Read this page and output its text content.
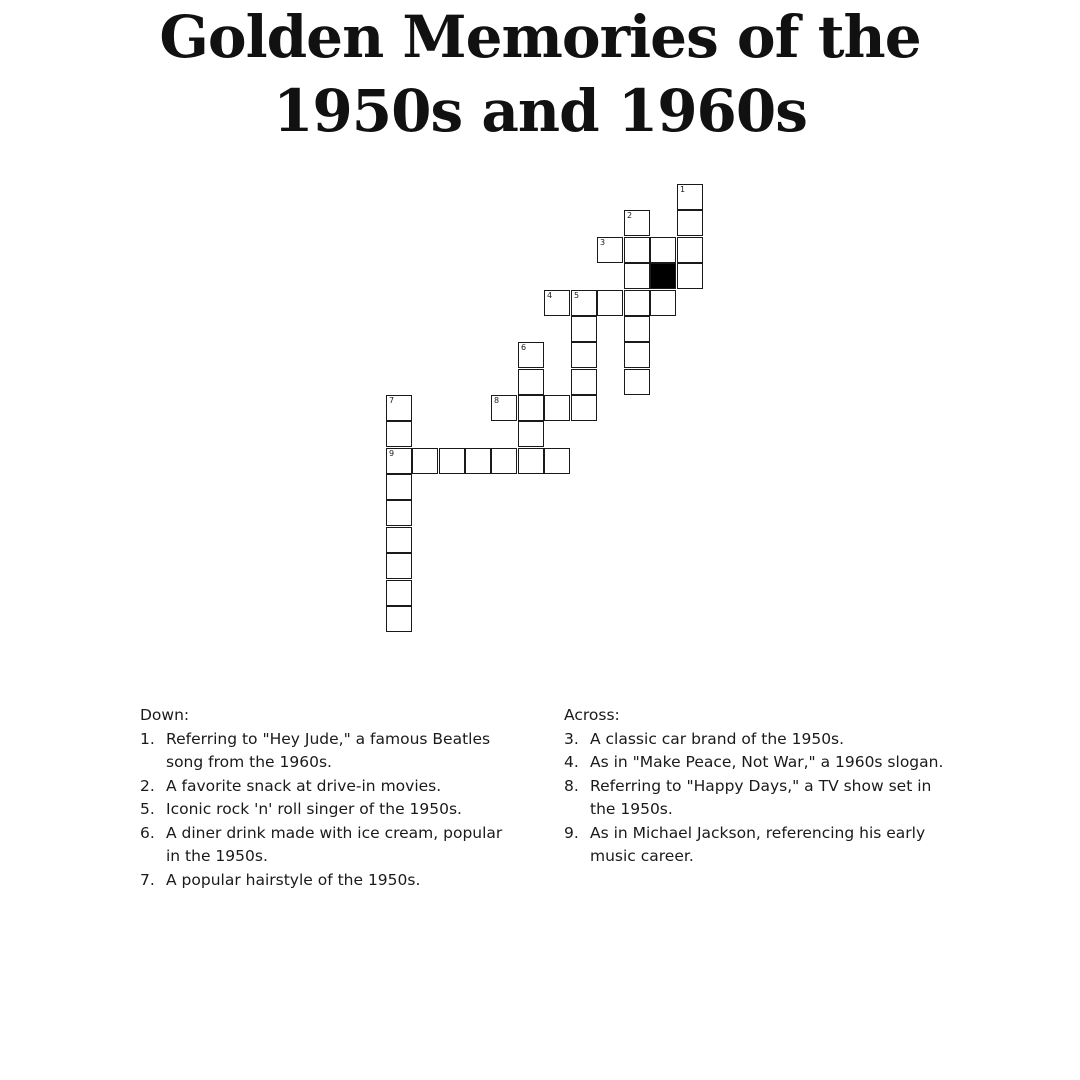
Golden Memories of the
1950s and 1960s
1
3
2
4	5
6
8
7
9
Down:
1. Referring to "Hey Jude," a famous Beatles song from the 1960s.
2. A favorite snack at drive-in movies.
5. Iconic rock 'n' roll singer of the 1950s.
6. A diner drink made with ice cream, popular in the 1950s.
7. A popular hairstyle of the 1950s.
Across:
3. A classic car brand of the 1950s.
4. As in "Make Peace, Not War," a 1960s slogan.
8. Referring to "Happy Days," a TV show set in the 1950s.
9. As in Michael Jackson, referencing his early music career.
